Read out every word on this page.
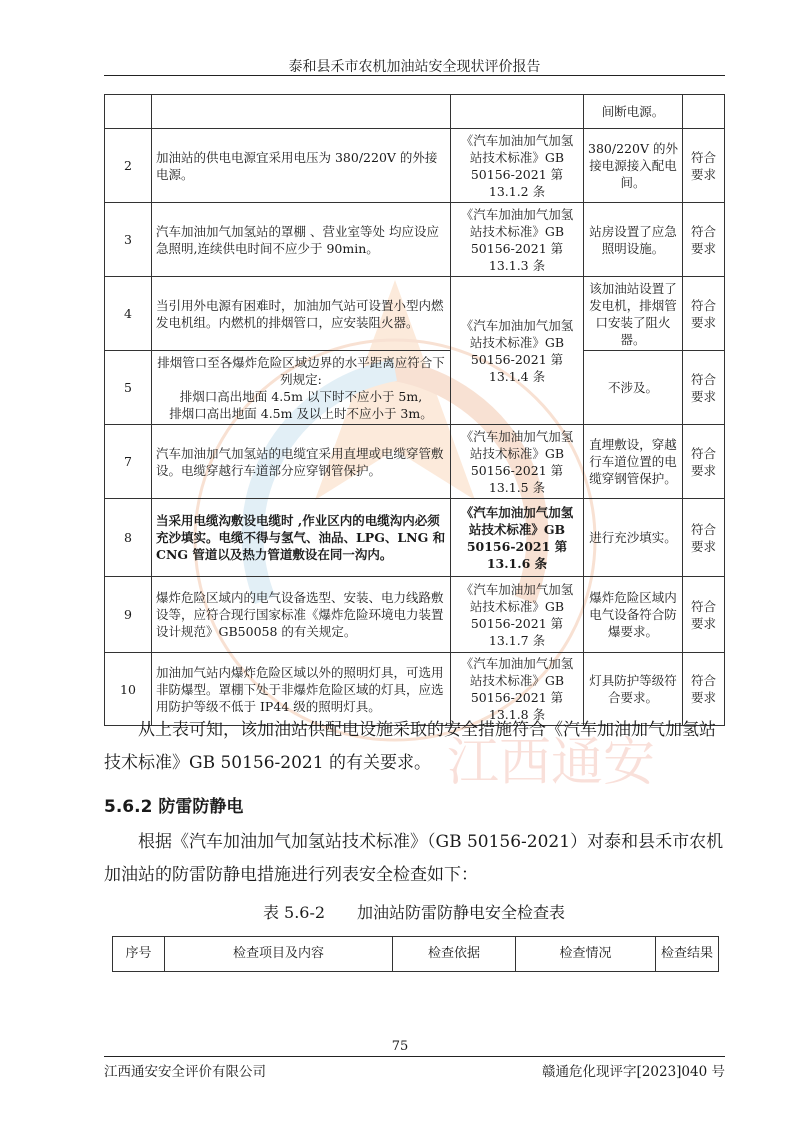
江西通安
泰和县禾市农机加油站安全现状评价报告
			间断电源。	
2	加油站的供电电源宜采用电压为 380/220V 的外接电源。	《汽车加油加气加氢站技术标准》GB 50156-2021 第 13.1.2 条	380/220V 的外接电源接入配电间。	符合要求
3	汽车加油加气加氢站的罩棚 、营业室等处 均应设应急照明,连续供电时间不应少于 90min。	《汽车加油加气加氢站技术标准》GB 50156-2021 第 13.1.3 条	站房设置了应急照明设施。	符合要求
4	当引用外电源有困难时，加油加气站可设置小型内燃发电机组。内燃机的排烟管口，应安装阻火器。	《汽车加油加气加氢站技术标准》GB 50156-2021 第 13.1.4 条	该加油站设置了发电机，排烟管口安装了阻火器。	符合要求
5	排烟管口至各爆炸危险区域边界的水平距离应符合下列规定:
排烟口高出地面 4.5m 以下时不应小于 5m,
排烟口高出地面 4.5m 及以上时不应小于 3m。		不涉及。	符合要求
7	汽车加油加气加氢站的电缆宜采用直埋或电缆穿管敷设。电缆穿越行车道部分应穿钢管保护。	《汽车加油加气加氢站技术标准》GB 50156-2021 第 13.1.5 条	直埋敷设，穿越行车道位置的电缆穿钢管保护。	符合要求
8	当采用电缆沟敷设电缆时 ,作业区内的电缆沟内必须充沙填实。电缆不得与氢气、油品、LPG、LNG 和 CNG 管道以及热力管道敷设在同一沟内。	《汽车加油加气加氢站技术标准》GB 50156-2021 第 13.1.6 条	进行充沙填实。	符合要求
9	爆炸危险区域内的电气设备选型、安装、电力线路敷设等，应符合现行国家标准《爆炸危险环境电力装置设计规范》GB50058 的有关规定。	《汽车加油加气加氢站技术标准》GB 50156-2021 第 13.1.7 条	爆炸危险区域内电气设备符合防爆要求。	符合要求
10	加油加气站内爆炸危险区域以外的照明灯具，可选用非防爆型。罩棚下处于非爆炸危险区域的灯具，应选用防护等级不低于 IP44 级的照明灯具。	《汽车加油加气加氢站技术标准》GB 50156-2021 第 13.1.8 条	灯具防护等级符合要求。	符合要求

从上表可知，该加油站供配电设施采取的安全措施符合《汽车加油加气加氢站技术标准》GB 50156-2021 的有关要求。

5.6.2 防雷防静电

根据《汽车加油加气加氢站技术标准》（GB 50156-2021）对泰和县禾市农机加油站的防雷防静电措施进行列表安全检查如下：

表 5.6-2　　加油站防雷防静电安全检查表
序号	检查项目及内容	检查依据	检查情况	检查结果
75
江西通安安全评价有限公司	赣通危化现评字[2023]040 号
